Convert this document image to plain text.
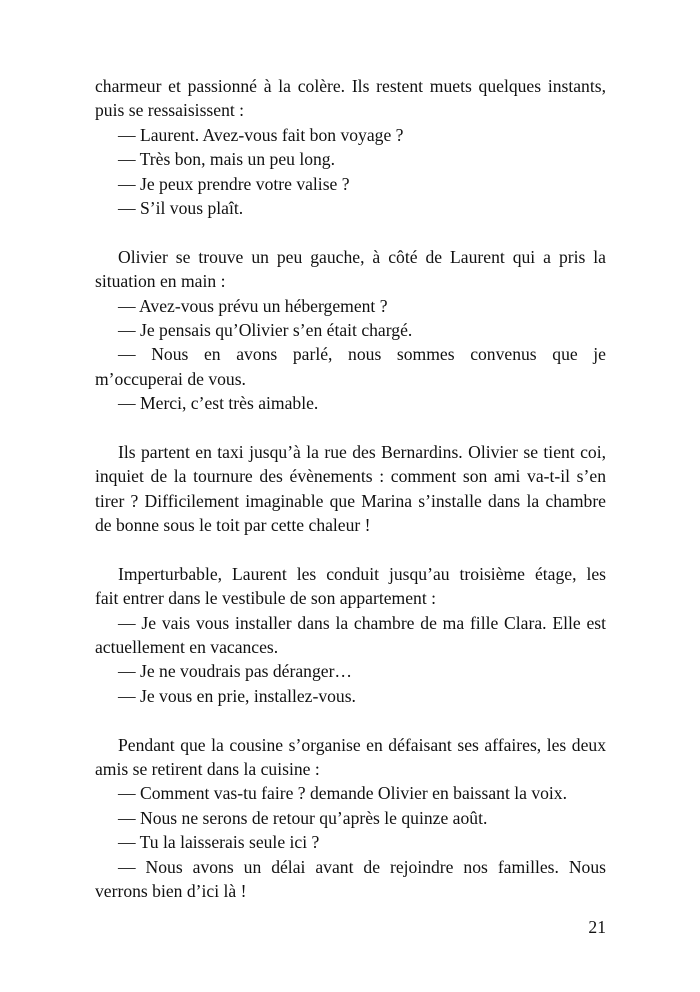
charmeur et passionné à la colère. Ils restent muets quelques instants,
puis se ressaisissent :
— Laurent. Avez-vous fait bon voyage ?
— Très bon, mais un peu long.
— Je peux prendre votre valise ?
— S’il vous plaît.
Olivier se trouve un peu gauche, à côté de Laurent qui a pris la
situation en main :
— Avez-vous prévu un hébergement ?
— Je pensais qu’Olivier s’en était chargé.
— Nous en avons parlé, nous sommes convenus que je
m’occuperai de vous.
— Merci, c’est très aimable.
Ils partent en taxi jusqu’à la rue des Bernardins. Olivier se tient coi,
inquiet de la tournure des évènements : comment son ami va-t-il s’en
tirer ? Difficilement imaginable que Marina s’installe dans la chambre
de bonne sous le toit par cette chaleur !
Imperturbable, Laurent les conduit jusqu’au troisième étage, les
fait entrer dans le vestibule de son appartement :
— Je vais vous installer dans la chambre de ma fille Clara. Elle est
actuellement en vacances.
— Je ne voudrais pas déranger…
— Je vous en prie, installez-vous.
Pendant que la cousine s’organise en défaisant ses affaires, les deux
amis se retirent dans la cuisine :
— Comment vas-tu faire ? demande Olivier en baissant la voix.
— Nous ne serons de retour qu’après le quinze août.
— Tu la laisserais seule ici ?
— Nous avons un délai avant de rejoindre nos familles. Nous
verrons bien d’ici là !
21
